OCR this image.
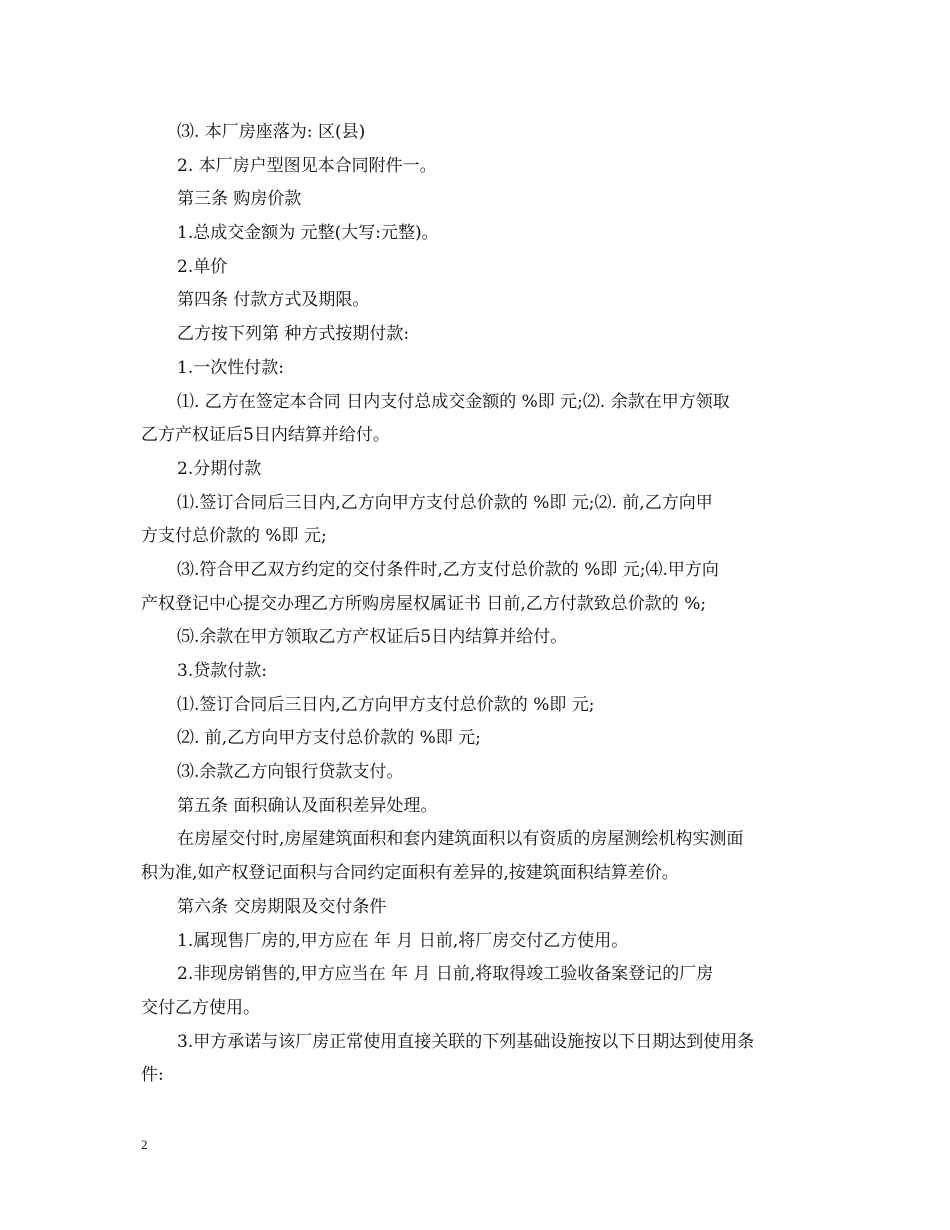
⑶. 本厂房座落为: 区(县)

2. 本厂房户型图见本合同附件一。

第三条 购房价款

1.总成交金额为 元整(大写:元整)。

2.单价

第四条 付款方式及期限。

乙方按下列第 种方式按期付款:

1.一次性付款:

⑴. 乙方在签定本合同 日内支付总成交金额的 %即 元;⑵. 余款在甲方领取

乙方产权证后5日内结算并给付。

2.分期付款

⑴.签订合同后三日内,乙方向甲方支付总价款的 %即 元;⑵. 前,乙方向甲

方支付总价款的 %即 元;

⑶.符合甲乙双方约定的交付条件时,乙方支付总价款的 %即 元;⑷.甲方向

产权登记中心提交办理乙方所购房屋权属证书 日前,乙方付款致总价款的 %;

⑸.余款在甲方领取乙方产权证后5日内结算并给付。

3.贷款付款:

⑴.签订合同后三日内,乙方向甲方支付总价款的 %即 元;

⑵. 前,乙方向甲方支付总价款的 %即 元;

⑶.余款乙方向银行贷款支付。

第五条 面积确认及面积差异处理。

在房屋交付时,房屋建筑面积和套内建筑面积以有资质的房屋测绘机构实测面

积为准,如产权登记面积与合同约定面积有差异的,按建筑面积结算差价。

第六条 交房期限及交付条件

1.属现售厂房的,甲方应在 年 月 日前,将厂房交付乙方使用。

2.非现房销售的,甲方应当在 年 月 日前,将取得竣工验收备案登记的厂房

交付乙方使用。

3.甲方承诺与该厂房正常使用直接关联的下列基础设施按以下日期达到使用条

件:

2
